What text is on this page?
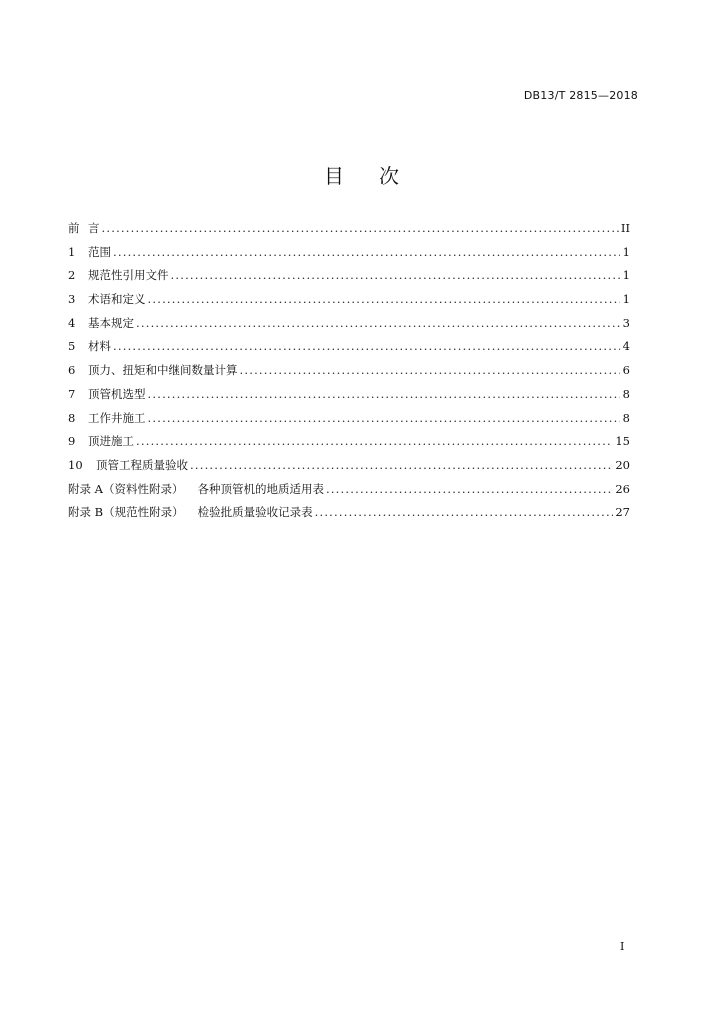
DB13/T 2815—2018
目 次
前 言 .....	II
1	范围 .....	1
2	规范性引用文件 .....	1
3	术语和定义 .....	1
4	基本规定 .....	3
5	材料 .....	4
6	顶力、扭矩和中继间数量计算 .....	6
7	顶管机选型 .....	8
8	工作井施工 .....	8
9	顶进施工 .....	15
10	顶管工程质量验收 .....	20
附录 A（资料性附录） 各种顶管机的地质适用表 .....	26
附录 B（规范性附录） 检验批质量验收记录表 .....	27
I
